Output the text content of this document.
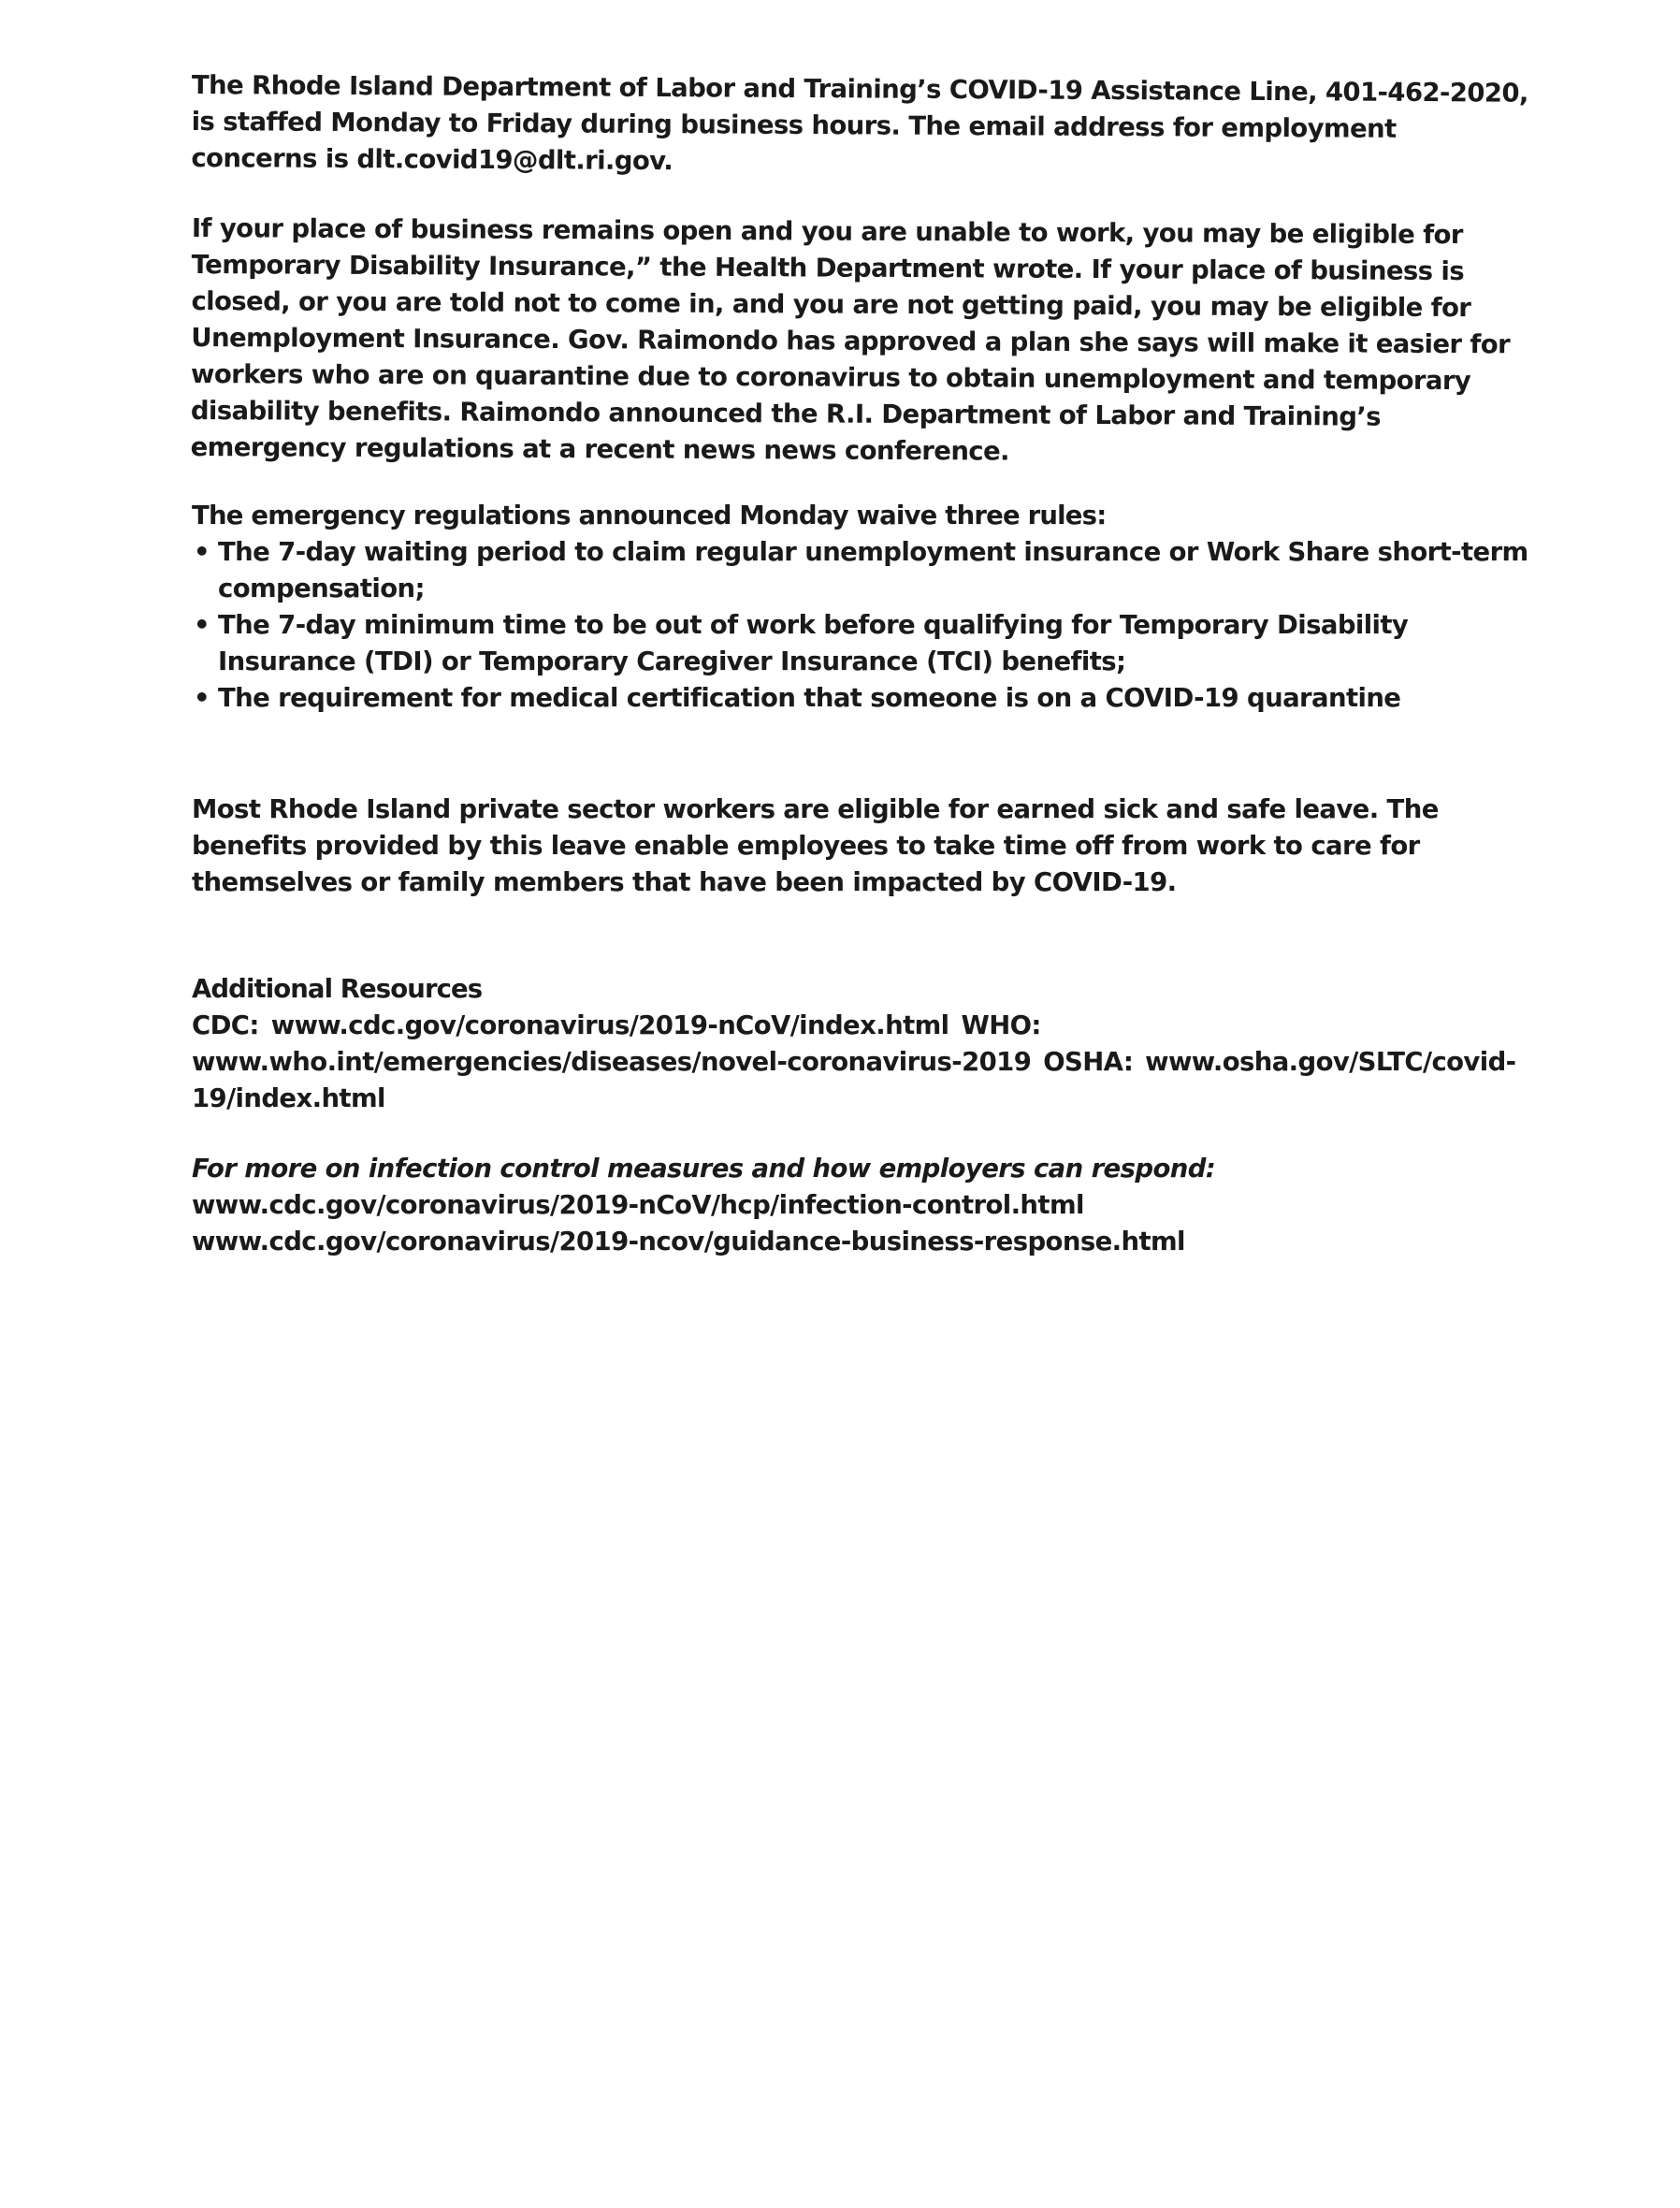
The Rhode Island Department of Labor and Training’s COVID-19 Assistance Line, 401-462-2020, is staffed Monday to Friday during business hours. The email address for employment concerns is dlt.covid19@dlt.ri.gov.

If your place of business remains open and you are unable to work, you may be eligible for Temporary Disability Insurance,” the Health Department wrote. If your place of business is closed, or you are told not to come in, and you are not getting paid, you may be eligible for Unemployment Insurance. Gov. Raimondo has approved a plan she says will make it easier for workers who are on quarantine due to coronavirus to obtain unemployment and temporary disability benefits. Raimondo announced the R.I. Department of Labor and Training’s emergency regulations at a recent news news conference.

The emergency regulations announced Monday waive three rules:

• The 7-day waiting period to claim regular unemployment insurance or Work Share short-term compensation;
• The 7-day minimum time to be out of work before qualifying for Temporary Disability Insurance (TDI) or Temporary Caregiver Insurance (TCI) benefits;
• The requirement for medical certification that someone is on a COVID-19 quarantine

Most Rhode Island private sector workers are eligible for earned sick and safe leave. The benefits provided by this leave enable employees to take time off from work to care for themselves or family members that have been impacted by COVID-19.

Additional Resources

CDC: www.cdc.gov/coronavirus/2019-nCoV/index.html WHO: www.who.int/emergencies/diseases/novel-coronavirus-2019 OSHA: www.osha.gov/SLTC/covid-19/index.html

For more on infection control measures and how employers can respond:

www.cdc.gov/coronavirus/2019-nCoV/hcp/infection-control.html www.cdc.gov/coronavirus/2019-ncov/guidance-business-response.html
